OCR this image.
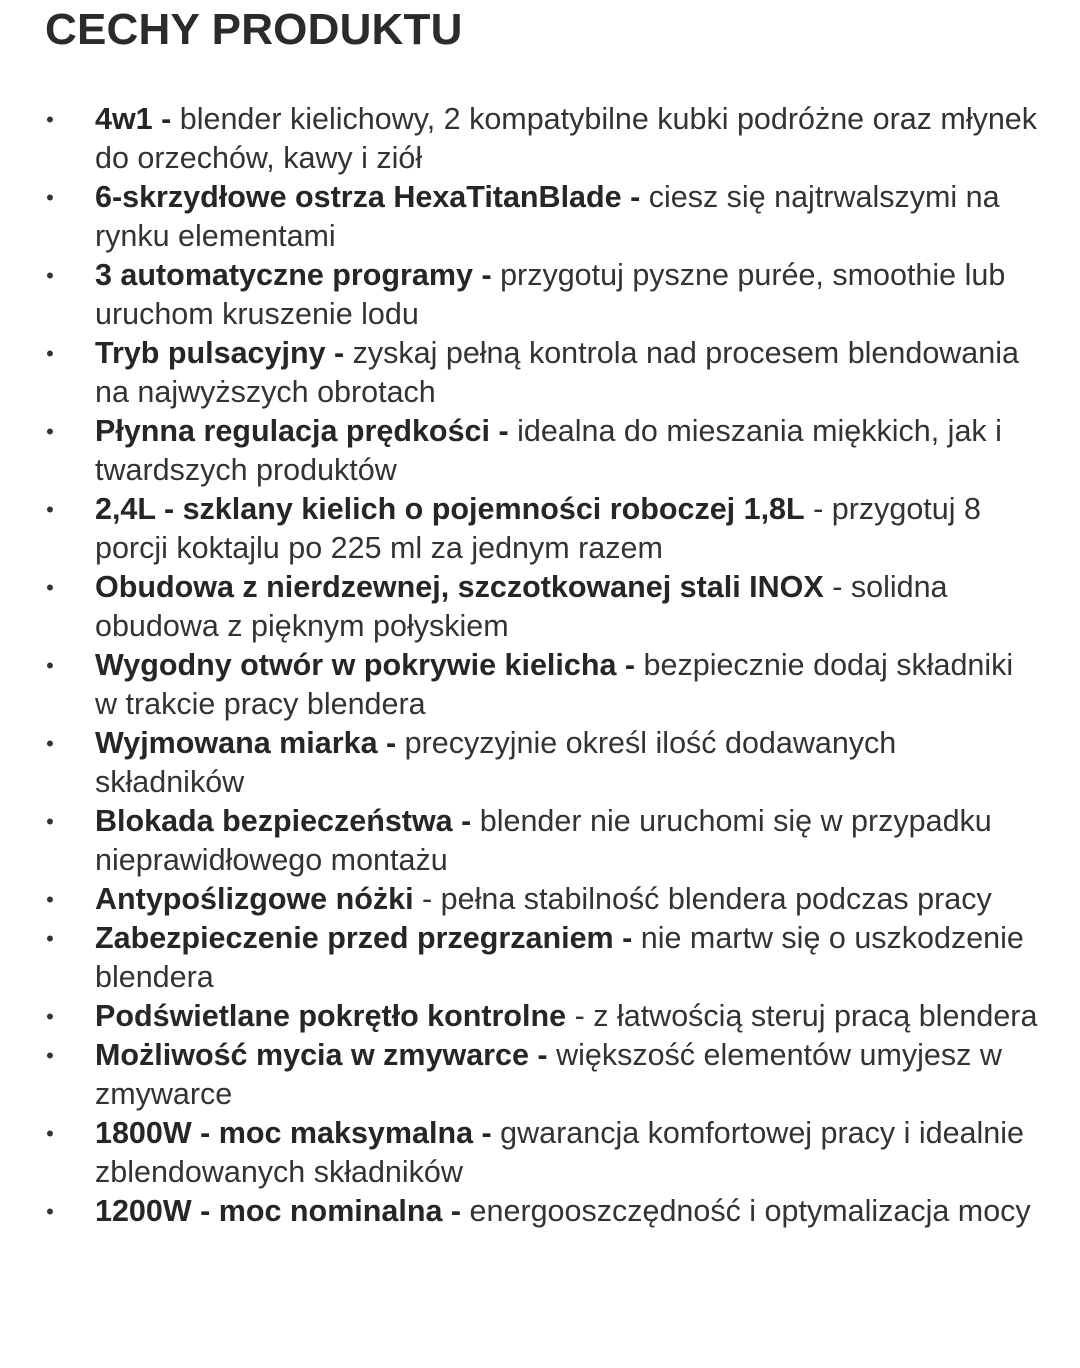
CECHY PRODUKTU
• 4w1 - blender kielichowy, 2 kompatybilne kubki podróżne oraz młynek do orzechów, kawy i ziół
• 6-skrzydłowe ostrza HexaTitanBlade - ciesz się najtrwalszymi na rynku elementami
• 3 automatyczne programy - przygotuj pyszne purée, smoothie lub uruchom kruszenie lodu
• Tryb pulsacyjny - zyskaj pełną kontrola nad procesem blendowania na najwyższych obrotach
• Płynna regulacja prędkości - idealna do mieszania miękkich, jak i twardszych produktów
• 2,4L - szklany kielich o pojemności roboczej 1,8L - przygotuj 8 porcji koktajlu po 225 ml za jednym razem
• Obudowa z nierdzewnej, szczotkowanej stali INOX - solidna obudowa z pięknym połyskiem
• Wygodny otwór w pokrywie kielicha - bezpiecznie dodaj składniki w trakcie pracy blendera
• Wyjmowana miarka - precyzyjnie określ ilość dodawanych składników
• Blokada bezpieczeństwa - blender nie uruchomi się w przypadku nieprawidłowego montażu
• Antypoślizgowe nóżki - pełna stabilność blendera podczas pracy
• Zabezpieczenie przed przegrzaniem - nie martw się o uszkodzenie blendera
• Podświetlane pokrętło kontrolne - z łatwością steruj pracą blendera
• Możliwość mycia w zmywarce - większość elementów umyjesz w zmywarce
• 1800W - moc maksymalna - gwarancja komfortowej pracy i idealnie zblendowanych składników
• 1200W - moc nominalna - energooszczędność i optymalizacja mocy
